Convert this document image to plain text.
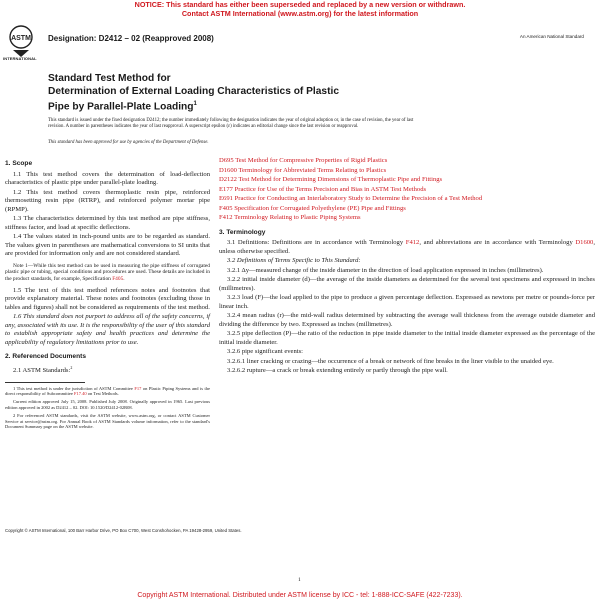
NOTICE: This standard has either been superseded and replaced by a new version or withdrawn.
Contact ASTM International (www.astm.org) for the latest information
ASTM
INTERNATIONAL
Designation: D2412 – 02 (Reapproved 2008)	An American National Standard
Standard Test Method for
Determination of External Loading Characteristics of Plastic
Pipe by Parallel-Plate Loading$^1$
This standard is issued under the fixed designation D2412; the number immediately following the designation indicates the year of original adoption or, in the case of revision, the year of last revision. A number in parentheses indicates the year of last reapproval. A superscript epsilon (ε) indicates an editorial change since the last revision or reapproval.
This standard has been approved for use by agencies of the Department of Defense.
1. Scope

1.1 This test method covers the determination of load-deflection characteristics of plastic pipe under parallel-plate loading.

1.2 This test method covers thermoplastic resin pipe, reinforced thermosetting resin pipe (RTRP), and reinforced polymer mortar pipe (RPMP).

1.3 The characteristics determined by this test method are pipe stiffness, stiffness factor, and load at specific deflections.

1.4 The values stated in inch-pound units are to be regarded as standard. The values given in parentheses are mathematical conversions to SI units that are provided for information only and are not considered standard.

Note 1—While this test method can be used in measuring the pipe stiffness of corrugated plastic pipe or tubing, special conditions and procedures are used. These details are included in the product standards, for example, Specification F405.

1.5 The text of this test method references notes and footnotes that provide explanatory material. These notes and footnotes (excluding those in tables and figures) shall not be considered as requirements of the test method.

1.6 This standard does not purport to address all of the safety concerns, if any, associated with its use. It is the responsibility of the user of this standard to establish appropriate safety and health practices and determine the applicability of regulatory limitations prior to use.

2. Referenced Documents

2.1 ASTM Standards:$^2$

1 This test method is under the jurisdiction of ASTM Committee F17 on Plastic Piping Systems and is the direct responsibility of Subcommittee F17.40 on Test Methods.

Current edition approved July 15, 2008. Published July 2008. Originally approved in 1965. Last previous edition approved in 2002 as D2412 – 02. DOI: 10.1520/D2412-02R08.

2 For referenced ASTM standards, visit the ASTM website, www.astm.org, or contact ASTM Customer Service at service@astm.org. For Annual Book of ASTM Standards volume information, refer to the standard's Document Summary page on the ASTM website.

D695 Test Method for Compressive Properties of Rigid Plastics

D1600 Terminology for Abbreviated Terms Relating to Plastics

D2122 Test Method for Determining Dimensions of Thermoplastic Pipe and Fittings

E177 Practice for Use of the Terms Precision and Bias in ASTM Test Methods

E691 Practice for Conducting an Interlaboratory Study to Determine the Precision of a Test Method

F405 Specification for Corrugated Polyethylene (PE) Pipe and Fittings

F412 Terminology Relating to Plastic Piping Systems

3. Terminology

3.1 Definitions: Definitions are in accordance with Terminology F412, and abbreviations are in accordance with Terminology D1600, unless otherwise specified.

3.2 Definitions of Terms Specific to This Standard:

3.2.1 Δy—measured change of the inside diameter in the direction of load application expressed in inches (millimetres).

3.2.2 initial inside diameter (d)—the average of the inside diameters as determined for the several test specimens and expressed in inches (millimetres).

3.2.3 load (F)—the load applied to the pipe to produce a given percentage deflection. Expressed as newtons per metre or pounds-force per linear inch.

3.2.4 mean radius (r)—the mid-wall radius determined by subtracting the average wall thickness from the average outside diameter and dividing the difference by two. Expressed as inches (millimetres).

3.2.5 pipe deflection (P)—the ratio of the reduction in pipe inside diameter to the initial inside diameter expressed as the percentage of the initial inside diameter.

3.2.6 pipe significant events:

3.2.6.1 liner cracking or crazing—the occurrence of a break or network of fine breaks in the liner visible to the unaided eye.

3.2.6.2 rupture—a crack or break extending entirely or partly through the pipe wall.

Copyright © ASTM International, 100 Barr Harbor Drive, PO Box C700, West Conshohocken, PA 19428-2959, United States.
1
Copyright ASTM International. Distributed under ASTM license by ICC - tel: 1-888-ICC-SAFE (422-7233).
